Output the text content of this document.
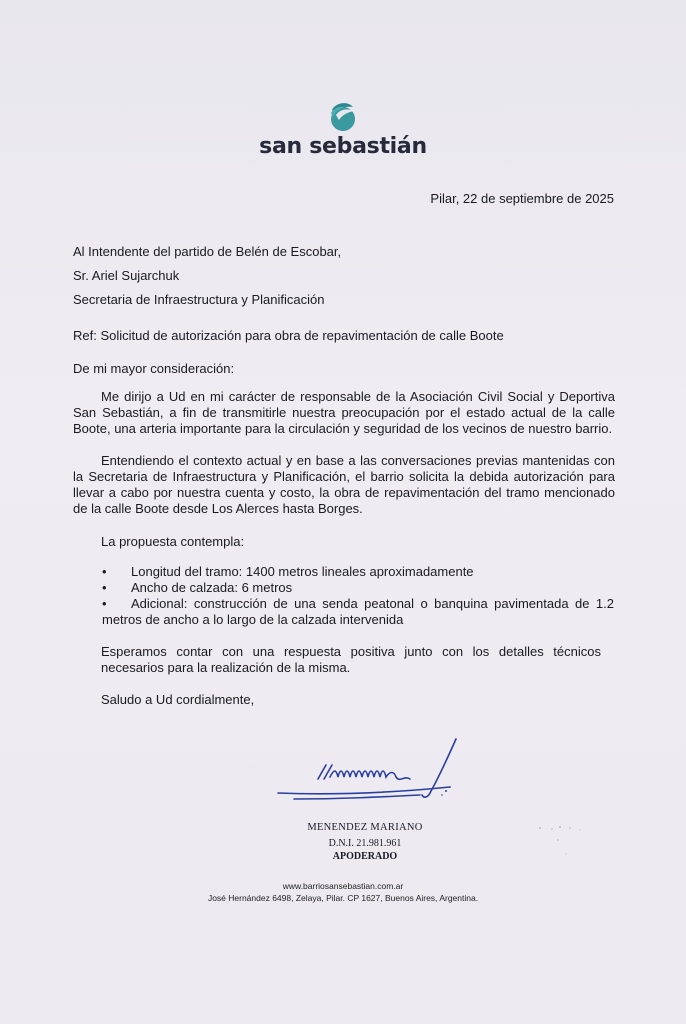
san sebastián
Pilar, 22 de septiembre de 2025
Al Intendente del partido de Belén de Escobar,
Sr. Ariel Sujarchuk
Secretaria de Infraestructura y Planificación
Ref: Solicitud de autorización para obra de repavimentación de calle Boote
De mi mayor consideración:
Me dirijo a Ud en mi carácter de responsable de la Asociación Civil Social y Deportiva San Sebastián, a fin de transmitirle nuestra preocupación por el estado actual de la calle Boote, una arteria importante para la circulación y seguridad de los vecinos de nuestro barrio.
Entendiendo el contexto actual y en base a las conversaciones previas mantenidas con la Secretaria de Infraestructura y Planificación, el barrio solicita la debida autorización para llevar a cabo por nuestra cuenta y costo, la obra de repavimentación del tramo mencionado de la calle Boote desde Los Alerces hasta Borges.
La propuesta contempla:
• Longitud del tramo: 1400 metros lineales aproximadamente
• Ancho de calzada: 6 metros
• Adicional: construcción de una senda peatonal o banquina pavimentada de 1.2 metros de ancho a lo largo de la calzada intervenida
Esperamos contar con una respuesta positiva junto con los detalles técnicos necesarios para la realización de la misma.
Saludo a Ud cordialmente,
MENENDEZ MARIANO
D.N.I. 21.981.961
APODERADO
www.barriosansebastian.com.ar
José Hernández 6498, Zelaya, Pilar. CP 1627, Buenos Aires, Argentina.
